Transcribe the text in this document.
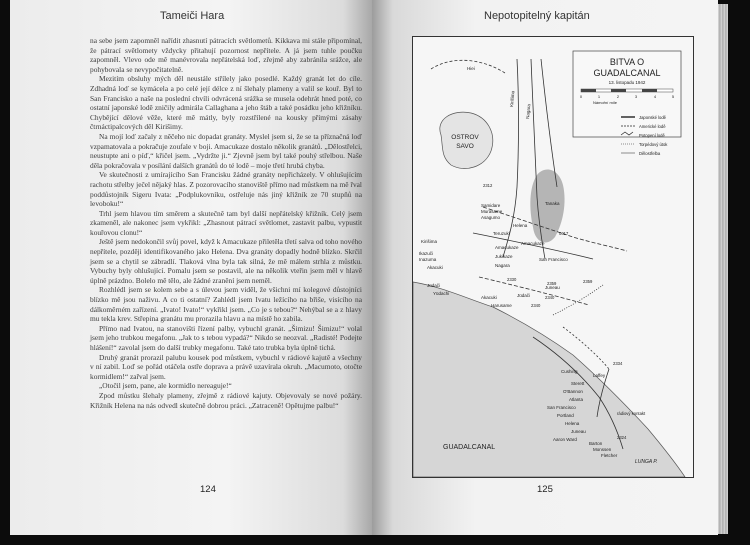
Tameiči Hara

na sebe jsem zapomněl nařídit zhasnutí pátracích světlometů. Kikkava mi stále připomínal, že pátrací světlomety vždycky přitahují pozornost nepřítele. A já jsem tuhle poučku zapomněl. Vlevo ode mě manévrovala nepřátelská loď, zřejmě aby zabránila srážce, ale pohybovala se nevypočitatelně.

Mezitím obsluhy mých děl neustále střílely jako posedlé. Každý granát let do cíle. Zdhadná loď se kymácela a po celé její délce z ní šlehaly plameny a valil se kouř. Byl to San Francisko a naše na poslední chvíli odvrácená srážka se musela odehrát hned poté, co ostatní japonské lodě zničily admirála Callaghana a jeho štáb a také posádku jeho křižníku. Chybějící dělové věže, které mě mátly, byly rozstřílené na kousky přímými zásahy čtrnáctipalcových děl Kirišimy.

Na mojí loď začaly z něčeho nic dopadat granáty. Myslel jsem si, že se ta příznačná loď vzpamatovala a pokračuje zoufale v boji. Amacukaze dostalo několik granátů. „Dělostřelci, neustupte ani o píď,“ křičel jsem. „Vydržte ji.“ Zjevně jsem byl také pouhý střelbou. Naše děla pokračovala v posílání dalších granátů do té lodě – moje třetí hrubá chyba.

Ve skutečnosti z umírajícího San Francisku žádné granáty nepřicházely. V ohlušujícím rachotu střelby ječel nějaký hlas. Z pozorovacího stanoviště přímo nad můstkem na mě řval poddůstojník Sigeru Ivata: „Podplukovníku, ostřeluje nás jiný křižník ze 70 stupňů na levoboku!“

Trhl jsem hlavou tím směrem a skutečně tam byl další nepřátelský křižník. Celý jsem zkameněl, ale nakonec jsem vykřikl: „Zhasnout pátrací světlomet, zastavit palbu, vypustit kouřovou clonu!“

Ještě jsem nedokončil svůj povel, když k Amacukaze přiletěla třetí salva od toho nového nepřítele, později identifikovaného jako Helena. Dva granáty dopadly hodně blízko. Skrčil jsem se a chytil se zábradlí. Tlaková vlna byla tak silná, že mě málem strhla z můstku. Vybuchy byly ohlušující. Pomalu jsem se postavil, ale na několik vteřin jsem měl v hlavě úplně prázdno. Bolelo mě tělo, ale žádné zranění jsem neměl.

Rozhlédl jsem se kolem sebe a s úlevou jsem viděl, že všichni mí kolegové důstojníci blízko mě jsou naživu. A co ti ostatní? Zahlédl jsem Ivatu ležícího na břiše, visícího na dálkoměrném zařízení. „Ivato! Ivato!“ vykřikl jsem. „Co je s tebou?“ Nehýbal se a z hlavy mu tekla krev. Střepina granátu mu prorazila hlavu a na místě ho zabila.

Přímo nad Ivatou, na stanovišti řízení palby, vybuchl granát. „Šimizu! Šimizu!“ volal jsem jeho trubkou megafonu. „Jak to s tebou vypadá?“ Nikdo se neozval. „Radisté! Podejte hlášení!“ zavolal jsem do další trubky megafonu. Také tato trubka byla úplně tichá.

Druhý granát prorazil palubu kousek pod můstkem, vybuchl v rádiové kajutě a všechny v ní zabil. Loď se pořád otáčela ostře doprava a právě uzavírala okruh. „Macumoto, otočte kormidlem!“ zařval jsem.

„Otočil jsem, pane, ale kormidlo nereaguje!“

Zpod můstku šlehaly plameny, zřejmě z rádiové kajuty. Objevovaly se nové požáry. Křižník Helena na nás odvedl skutečně dobrou práci. „Zatraceně! Opětujme palbu!“

124
Nepotopitelný kapitán
BITVA O
GUADALCANAL
13. listopadu 1942
0	1	2	3	4	5
Námořní míle
Japonské lodě
Americké lodě
Potopení lodě
Torpédový útok
Dělostřelba
OSTROV
SAVO
GUADALCANAL
LUNGA P.
Hiei
Kirišima
Kirišima
Nagara
Samidare
Murasame
Asagumo
Ikazuči
Inazuma
Akacuki
Teruzuki
Amacukaze
Jukikaze
Nagara
Amacukaze
San Francisco
Helena
Jūdači
Akacuki
Harusame
Juneau
Jūdači
Cushing
Laffey
Sterett
O'Bannon
Atlanta
San Francisco
Portland
Helena
Juneau
Aaron Ward
Barton
Monssen
Fletcher
Tanaka
Yūdachi
0017
2330
2340
2359
2334
2340
2359
2324
rádiový kontakt
2312
125
